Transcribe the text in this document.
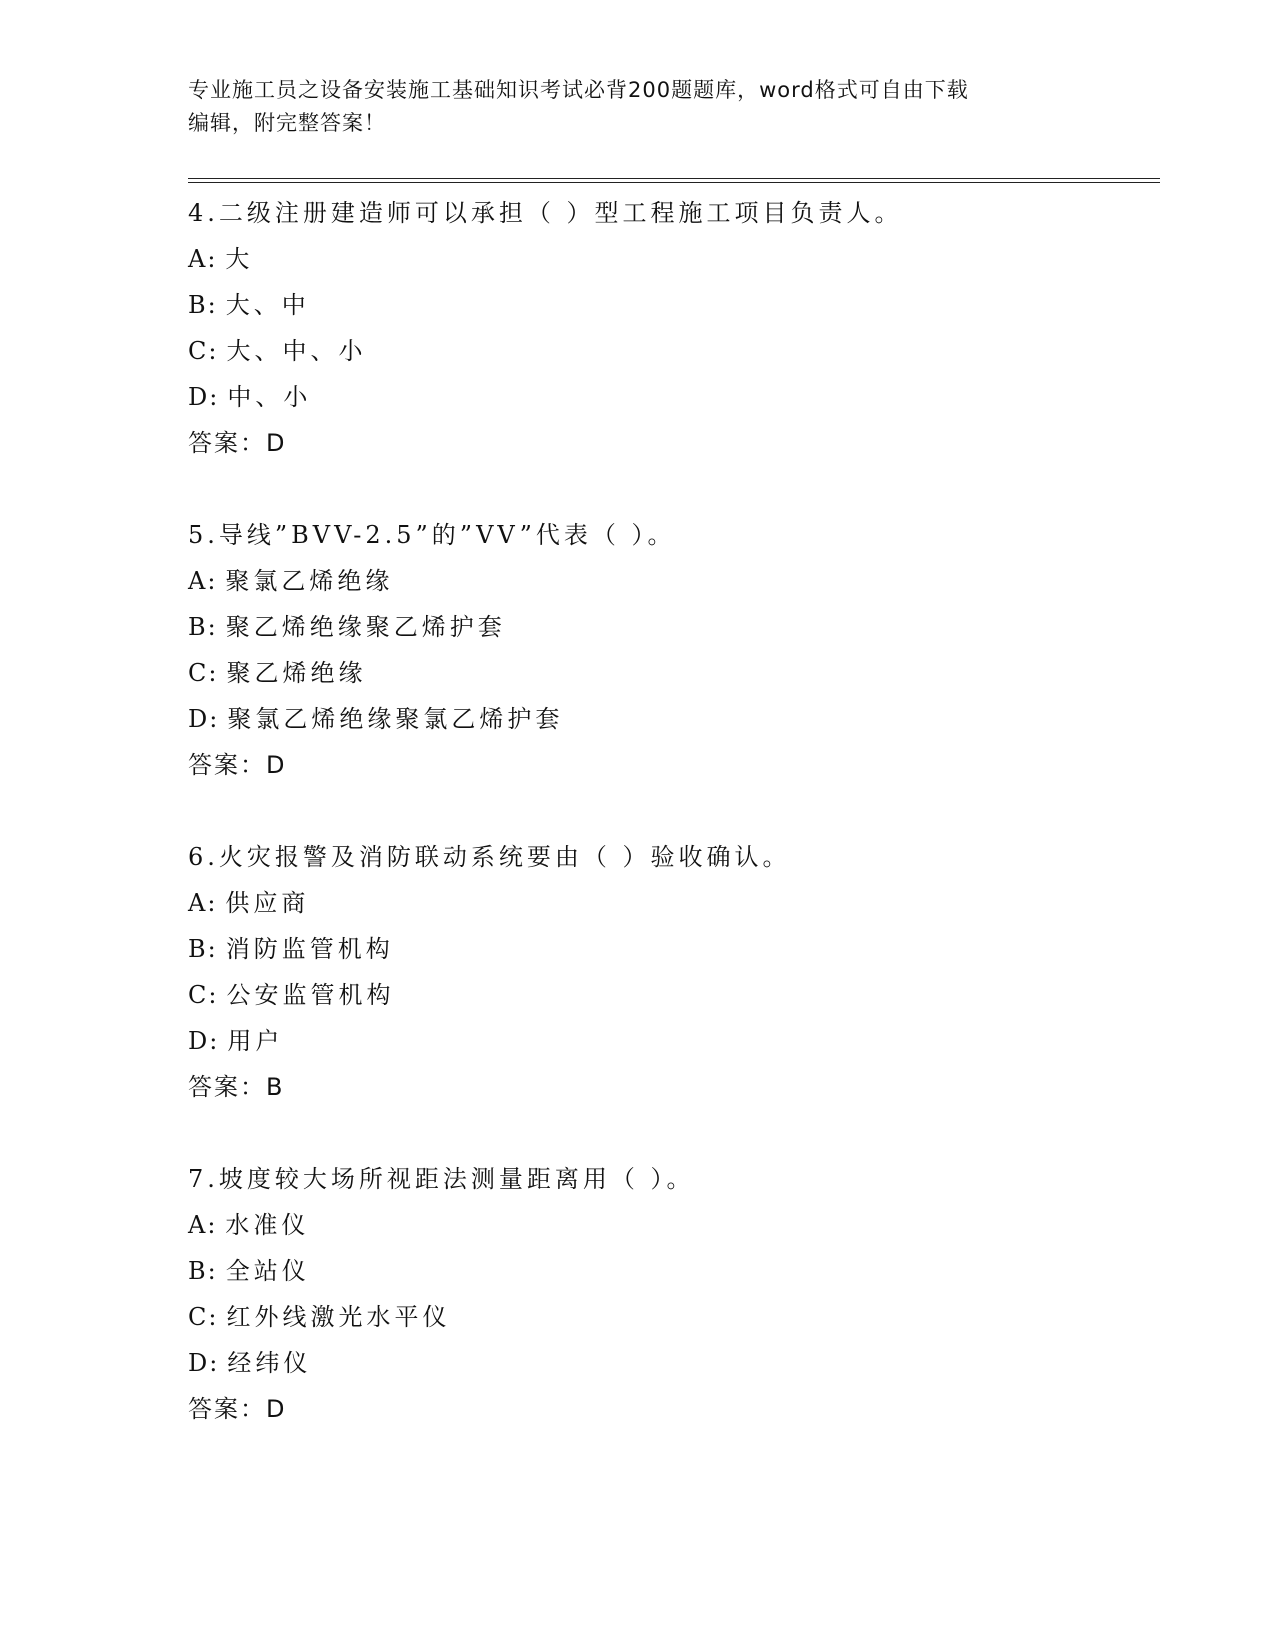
专业施工员之设备安装施工基础知识考试必背200题题库，word格式可自由下载
编辑，附完整答案！
4.二级注册建造师可以承担（ ）型工程施工项目负责人。
A: 大
B: 大、中
C: 大、中、小
D: 中、小
答案：D
5.导线”BVV-2.5”的”VV”代表（ ）。
A: 聚氯乙烯绝缘
B: 聚乙烯绝缘聚乙烯护套
C: 聚乙烯绝缘
D: 聚氯乙烯绝缘聚氯乙烯护套
答案：D
6.火灾报警及消防联动系统要由（ ）验收确认。
A: 供应商
B: 消防监管机构
C: 公安监管机构
D: 用户
答案：B
7.坡度较大场所视距法测量距离用（ ）。
A: 水准仪
B: 全站仪
C: 红外线激光水平仪
D: 经纬仪
答案：D
